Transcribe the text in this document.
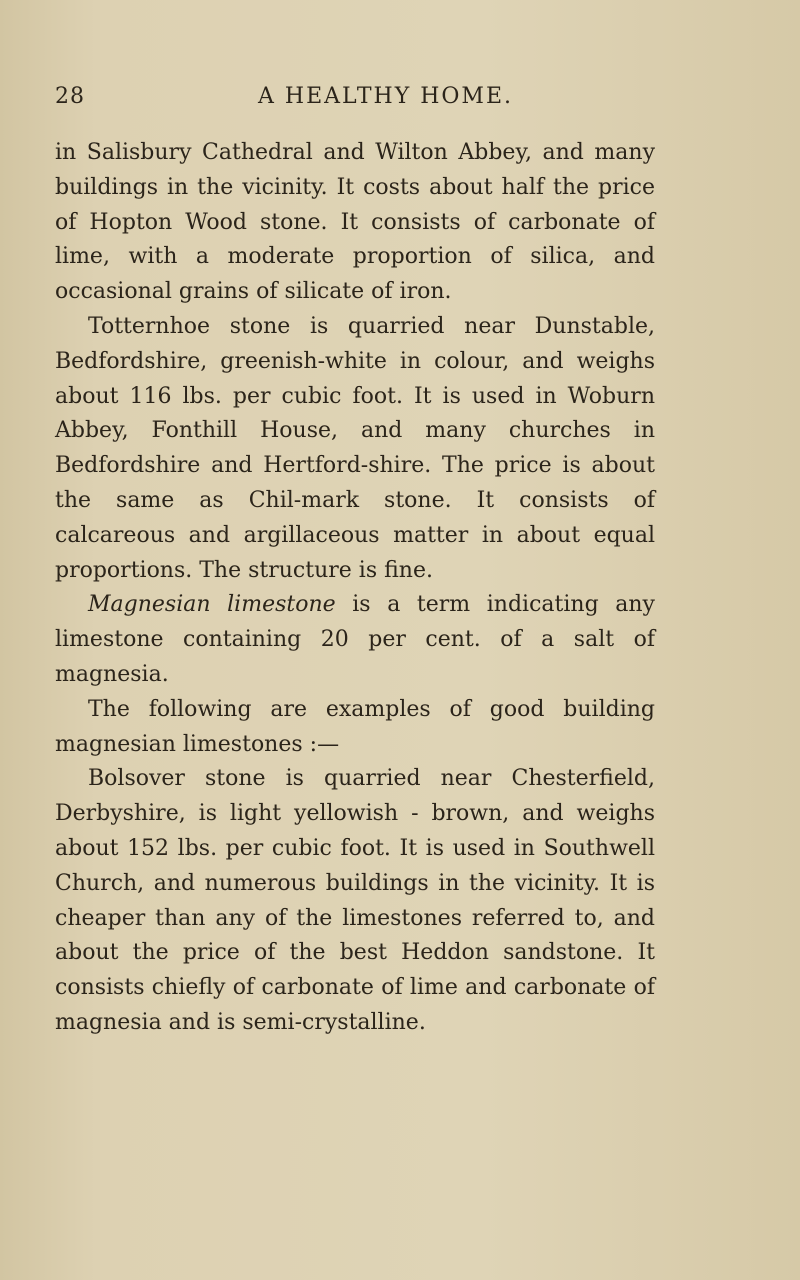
28	A HEALTHY HOME.

in Salisbury Cathedral and Wilton Abbey, and many buildings in the vicinity. It costs about half the price of Hopton Wood stone. It consists of carbonate of lime, with a moderate proportion of silica, and occasional grains of silicate of iron.

Totternhoe stone is quarried near Dunstable, Bedfordshire, greenish-white in colour, and weighs about 116 lbs. per cubic foot. It is used in Woburn Abbey, Fonthill House, and many churches in Bedfordshire and Hertford-shire. The price is about the same as Chil-mark stone. It consists of calcareous and argillaceous matter in about equal proportions. The structure is fine.

Magnesian limestone is a term indicating any limestone containing 20 per cent. of a salt of magnesia.

The following are examples of good building magnesian limestones :—

Bolsover stone is quarried near Chesterfield, Derbyshire, is light yellowish - brown, and weighs about 152 lbs. per cubic foot. It is used in Southwell Church, and numerous buildings in the vicinity. It is cheaper than any of the limestones referred to, and about the price of the best Heddon sandstone. It consists chiefly of carbonate of lime and carbonate of magnesia and is semi-crystalline.
